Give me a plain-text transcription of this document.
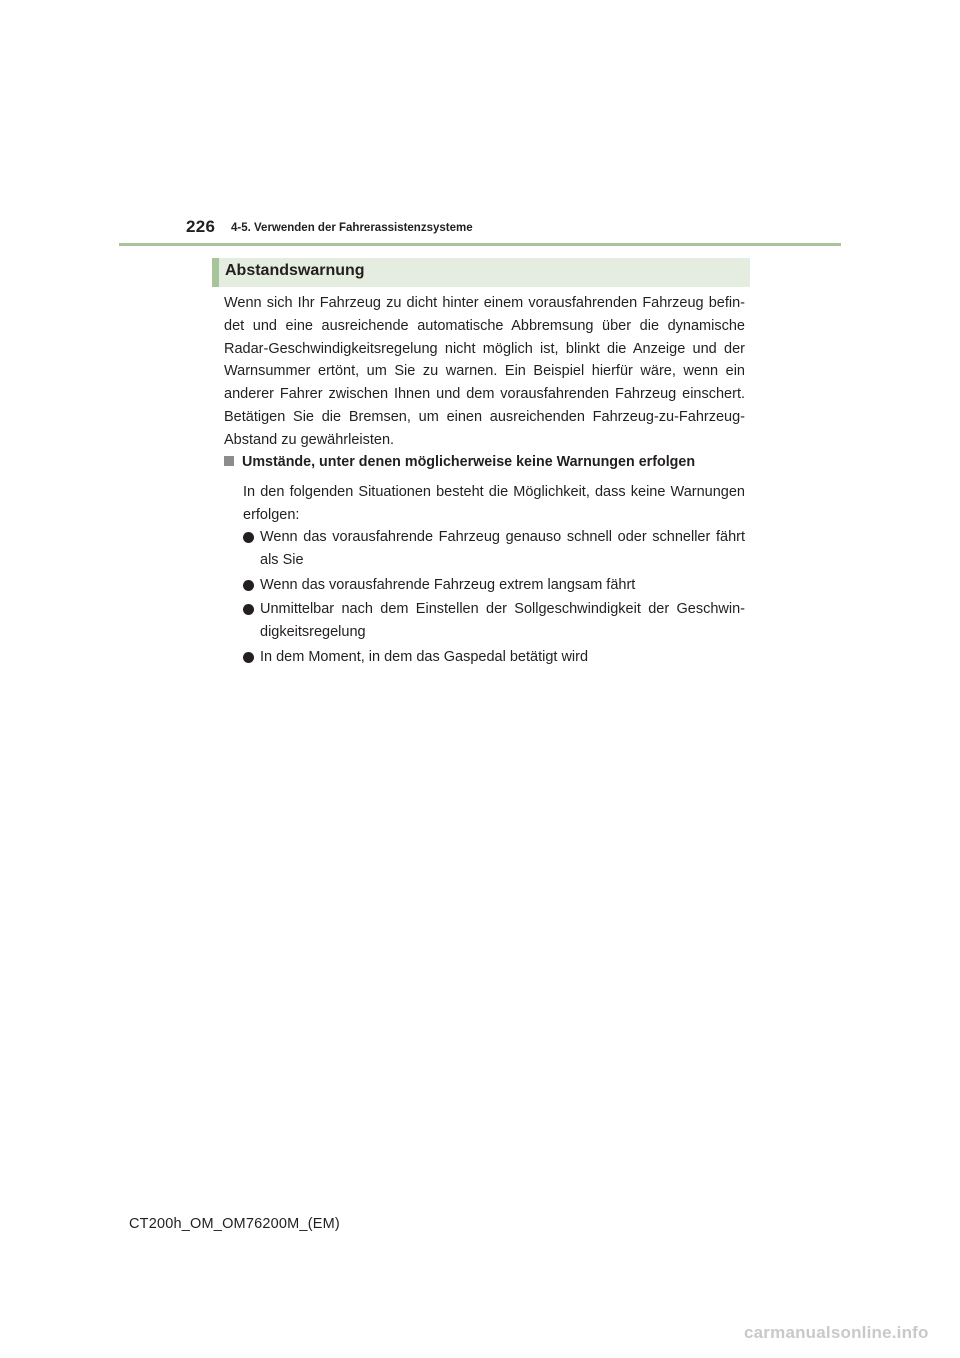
226 4-5. Verwenden der Fahrerassistenzsysteme
Abstandswarnung
Wenn sich Ihr Fahrzeug zu dicht hinter einem vorausfahrenden Fahrzeug befindet und eine ausreichende automatische Abbremsung über die dynamische Radar-Geschwindigkeitsregelung nicht möglich ist, blinkt die Anzeige und der Warnsummer ertönt, um Sie zu warnen. Ein Beispiel hierfür wäre, wenn ein anderer Fahrer zwischen Ihnen und dem vorausfahrenden Fahrzeug einschert. Betätigen Sie die Bremsen, um einen ausreichenden Fahrzeug-zu-Fahrzeug-Abstand zu gewährleisten.
Umstände, unter denen möglicherweise keine Warnungen erfolgen
In den folgenden Situationen besteht die Möglichkeit, dass keine Warnungen erfolgen:
Wenn das vorausfahrende Fahrzeug genauso schnell oder schneller fährt als Sie
Wenn das vorausfahrende Fahrzeug extrem langsam fährt
Unmittelbar nach dem Einstellen der Sollgeschwindigkeit der Geschwindigkeitsregelung
In dem Moment, in dem das Gaspedal betätigt wird
CT200h_OM_OM76200M_(EM)
carmanualsonline.info
